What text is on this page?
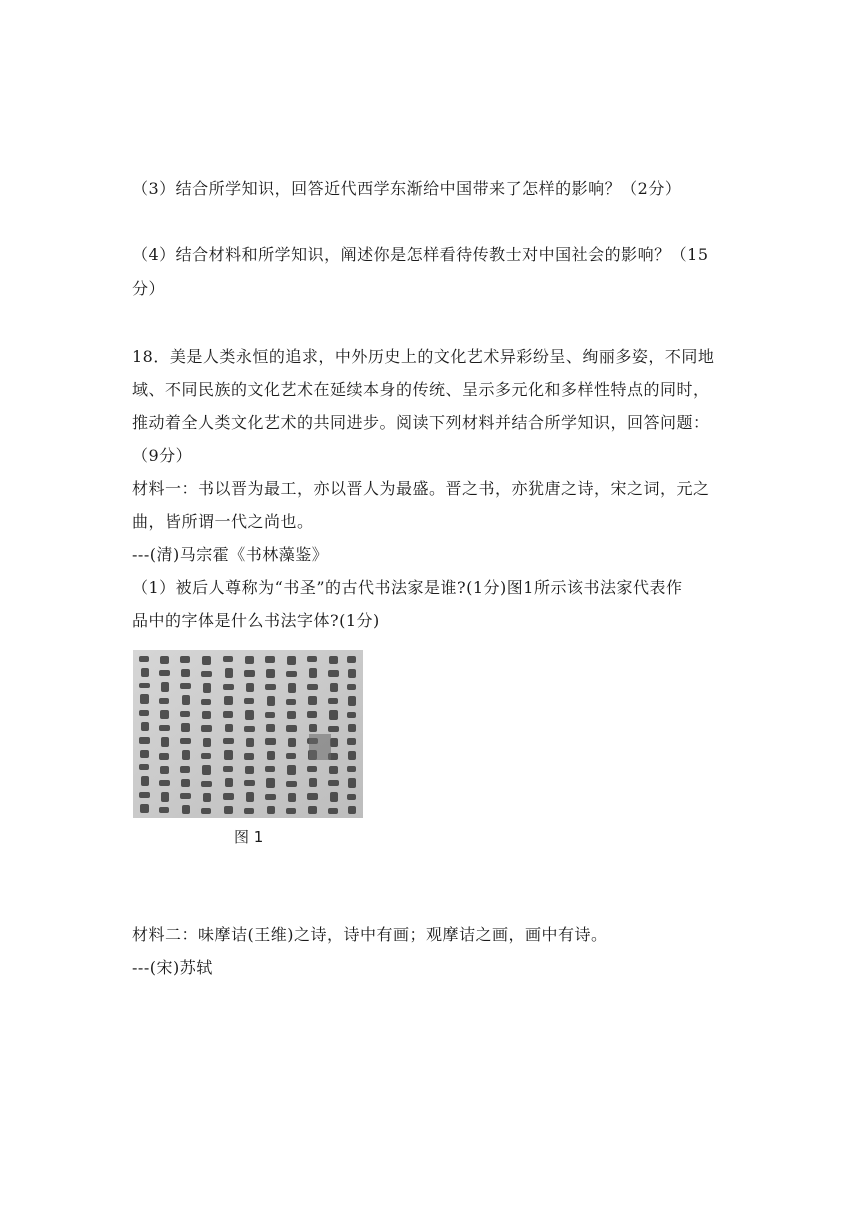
（3）结合所学知识，回答近代西学东渐给中国带来了怎样的影响？（2分）
（4）结合材料和所学知识，阐述你是怎样看待传教士对中国社会的影响？（15
分）
18．美是人类永恒的追求，中外历史上的文化艺术异彩纷呈、绚丽多姿，不同地
域、不同民族的文化艺术在延续本身的传统、呈示多元化和多样性特点的同时，
推动着全人类文化艺术的共同进步。阅读下列材料并结合所学知识，回答问题：
（9分）
材料一：书以晋为最工，亦以晋人为最盛。晋之书，亦犹唐之诗，宋之词，元之
曲，皆所谓一代之尚也。
---(清)马宗霍《书林藻鉴》
（1）被后人尊称为“书圣”的古代书法家是谁?(1分)图1所示该书法家代表作
品中的字体是什么书法字体?(1分)
图 1
材料二：味摩诘(王维)之诗，诗中有画；观摩诘之画，画中有诗。
---(宋)苏轼
